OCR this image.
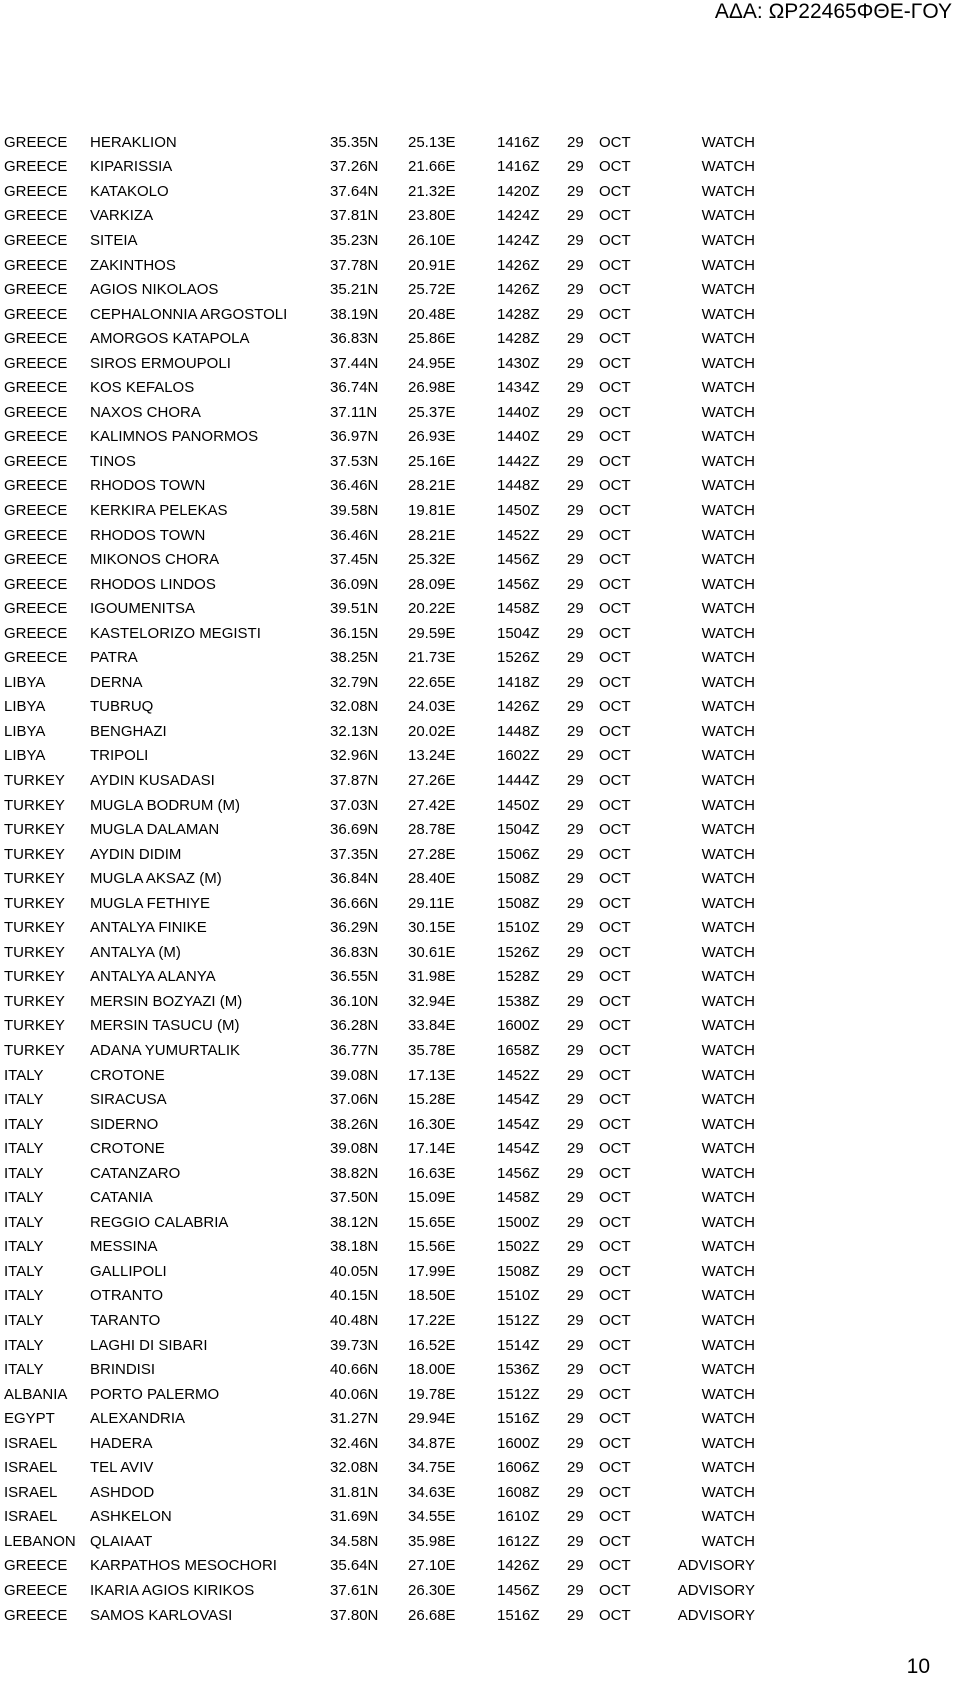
ΑΔΑ: ΩΡ22465ΦΘΕ-ΓΟΥ
GREECE	HERAKLION	35.35N	25.13E	1416Z	29	OCT	WATCH
GREECE	KIPARISSIA	37.26N	21.66E	1416Z	29	OCT	WATCH
GREECE	KATAKOLO	37.64N	21.32E	1420Z	29	OCT	WATCH
GREECE	VARKIZA	37.81N	23.80E	1424Z	29	OCT	WATCH
GREECE	SITEIA	35.23N	26.10E	1424Z	29	OCT	WATCH
GREECE	ZAKINTHOS	37.78N	20.91E	1426Z	29	OCT	WATCH
GREECE	AGIOS NIKOLAOS	35.21N	25.72E	1426Z	29	OCT	WATCH
GREECE	CEPHALONNIA ARGOSTOLI	38.19N	20.48E	1428Z	29	OCT	WATCH
GREECE	AMORGOS KATAPOLA	36.83N	25.86E	1428Z	29	OCT	WATCH
GREECE	SIROS ERMOUPOLI	37.44N	24.95E	1430Z	29	OCT	WATCH
GREECE	KOS KEFALOS	36.74N	26.98E	1434Z	29	OCT	WATCH
GREECE	NAXOS CHORA	37.11N	25.37E	1440Z	29	OCT	WATCH
GREECE	KALIMNOS PANORMOS	36.97N	26.93E	1440Z	29	OCT	WATCH
GREECE	TINOS	37.53N	25.16E	1442Z	29	OCT	WATCH
GREECE	RHODOS TOWN	36.46N	28.21E	1448Z	29	OCT	WATCH
GREECE	KERKIRA PELEKAS	39.58N	19.81E	1450Z	29	OCT	WATCH
GREECE	RHODOS TOWN	36.46N	28.21E	1452Z	29	OCT	WATCH
GREECE	MIKONOS CHORA	37.45N	25.32E	1456Z	29	OCT	WATCH
GREECE	RHODOS LINDOS	36.09N	28.09E	1456Z	29	OCT	WATCH
GREECE	IGOUMENITSA	39.51N	20.22E	1458Z	29	OCT	WATCH
GREECE	KASTELORIZO MEGISTI	36.15N	29.59E	1504Z	29	OCT	WATCH
GREECE	PATRA	38.25N	21.73E	1526Z	29	OCT	WATCH
LIBYA	DERNA	32.79N	22.65E	1418Z	29	OCT	WATCH
LIBYA	TUBRUQ	32.08N	24.03E	1426Z	29	OCT	WATCH
LIBYA	BENGHAZI	32.13N	20.02E	1448Z	29	OCT	WATCH
LIBYA	TRIPOLI	32.96N	13.24E	1602Z	29	OCT	WATCH
TURKEY	AYDIN KUSADASI	37.87N	27.26E	1444Z	29	OCT	WATCH
TURKEY	MUGLA BODRUM (M)	37.03N	27.42E	1450Z	29	OCT	WATCH
TURKEY	MUGLA DALAMAN	36.69N	28.78E	1504Z	29	OCT	WATCH
TURKEY	AYDIN DIDIM	37.35N	27.28E	1506Z	29	OCT	WATCH
TURKEY	MUGLA AKSAZ (M)	36.84N	28.40E	1508Z	29	OCT	WATCH
TURKEY	MUGLA FETHIYE	36.66N	29.11E	1508Z	29	OCT	WATCH
TURKEY	ANTALYA FINIKE	36.29N	30.15E	1510Z	29	OCT	WATCH
TURKEY	ANTALYA (M)	36.83N	30.61E	1526Z	29	OCT	WATCH
TURKEY	ANTALYA ALANYA	36.55N	31.98E	1528Z	29	OCT	WATCH
TURKEY	MERSIN BOZYAZI (M)	36.10N	32.94E	1538Z	29	OCT	WATCH
TURKEY	MERSIN TASUCU (M)	36.28N	33.84E	1600Z	29	OCT	WATCH
TURKEY	ADANA YUMURTALIK	36.77N	35.78E	1658Z	29	OCT	WATCH
ITALY	CROTONE	39.08N	17.13E	1452Z	29	OCT	WATCH
ITALY	SIRACUSA	37.06N	15.28E	1454Z	29	OCT	WATCH
ITALY	SIDERNO	38.26N	16.30E	1454Z	29	OCT	WATCH
ITALY	CROTONE	39.08N	17.14E	1454Z	29	OCT	WATCH
ITALY	CATANZARO	38.82N	16.63E	1456Z	29	OCT	WATCH
ITALY	CATANIA	37.50N	15.09E	1458Z	29	OCT	WATCH
ITALY	REGGIO CALABRIA	38.12N	15.65E	1500Z	29	OCT	WATCH
ITALY	MESSINA	38.18N	15.56E	1502Z	29	OCT	WATCH
ITALY	GALLIPOLI	40.05N	17.99E	1508Z	29	OCT	WATCH
ITALY	OTRANTO	40.15N	18.50E	1510Z	29	OCT	WATCH
ITALY	TARANTO	40.48N	17.22E	1512Z	29	OCT	WATCH
ITALY	LAGHI DI SIBARI	39.73N	16.52E	1514Z	29	OCT	WATCH
ITALY	BRINDISI	40.66N	18.00E	1536Z	29	OCT	WATCH
ALBANIA	PORTO PALERMO	40.06N	19.78E	1512Z	29	OCT	WATCH
EGYPT	ALEXANDRIA	31.27N	29.94E	1516Z	29	OCT	WATCH
ISRAEL	HADERA	32.46N	34.87E	1600Z	29	OCT	WATCH
ISRAEL	TEL AVIV	32.08N	34.75E	1606Z	29	OCT	WATCH
ISRAEL	ASHDOD	31.81N	34.63E	1608Z	29	OCT	WATCH
ISRAEL	ASHKELON	31.69N	34.55E	1610Z	29	OCT	WATCH
LEBANON	QLAIAAT	34.58N	35.98E	1612Z	29	OCT	WATCH
GREECE	KARPATHOS MESOCHORI	35.64N	27.10E	1426Z	29	OCT	ADVISORY
GREECE	IKARIA AGIOS KIRIKOS	37.61N	26.30E	1456Z	29	OCT	ADVISORY
GREECE	SAMOS KARLOVASI	37.80N	26.68E	1516Z	29	OCT	ADVISORY
10
